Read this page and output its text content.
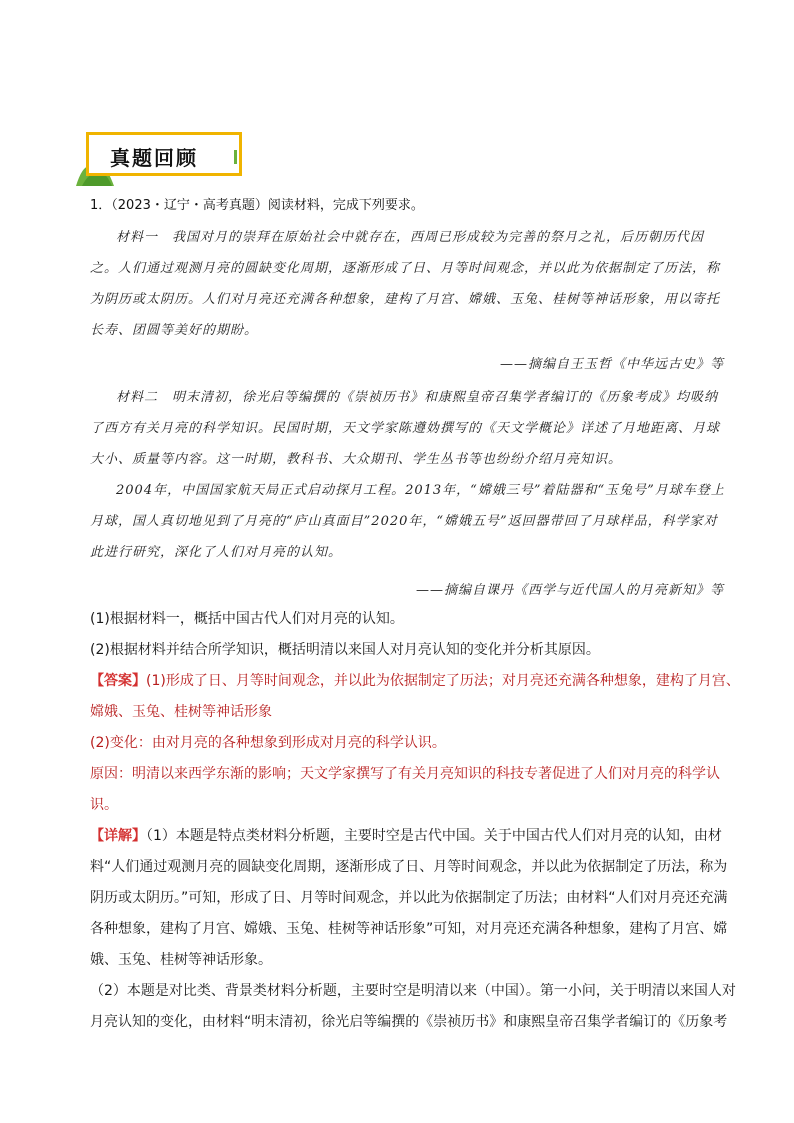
真题回顾
1．（2023・辽宁・高考真题）阅读材料，完成下列要求。

材料一　我国对月的崇拜在原始社会中就存在，西周已形成较为完善的祭月之礼，后历朝历代因之。人们通过观测月亮的圆缺变化周期，逐渐形成了日、月等时间观念，并以此为依据制定了历法，称为阴历或太阴历。人们对月亮还充满各种想象，建构了月宫、嫦娥、玉兔、桂树等神话形象，用以寄托长寿、团圆等美好的期盼。

——摘编自王玉哲《中华远古史》等

材料二　明末清初，徐光启等编撰的《崇祯历书》和康熙皇帝召集学者编订的《历象考成》均吸纳了西方有关月亮的科学知识。民国时期，天文学家陈遵妫撰写的《天文学概论》详述了月地距离、月球大小、质量等内容。这一时期，教科书、大众期刊、学生丛书等也纷纷介绍月亮知识。

2004年，中国国家航天局正式启动探月工程。2013年，“嫦娥三号”着陆器和“玉兔号”月球车登上月球，国人真切地见到了月亮的“庐山真面目”2020年，“嫦娥五号”返回器带回了月球样品，科学家对此进行研究，深化了人们对月亮的认知。

——摘编自课丹《西学与近代国人的月亮新知》等

(1)根据材料一，概括中国古代人们对月亮的认知。

(2)根据材料并结合所学知识，概括明清以来国人对月亮认知的变化并分析其原因。

【答案】(1)形成了日、月等时间观念，并以此为依据制定了历法；对月亮还充满各种想象，建构了月宫、嫦娥、玉兔、桂树等神话形象

(2)变化：由对月亮的各种想象到形成对月亮的科学认识。

原因：明清以来西学东渐的影响；天文学家撰写了有关月亮知识的科技专著促进了人们对月亮的科学认识。

【详解】（1）本题是特点类材料分析题，主要时空是古代中国。关于中国古代人们对月亮的认知，由材料“人们通过观测月亮的圆缺变化周期，逐渐形成了日、月等时间观念，并以此为依据制定了历法，称为阴历或太阴历。”可知，形成了日、月等时间观念，并以此为依据制定了历法；由材料“人们对月亮还充满各种想象，建构了月宫、嫦娥、玉兔、桂树等神话形象”可知，对月亮还充满各种想象，建构了月宫、嫦娥、玉兔、桂树等神话形象。

（2）本题是对比类、背景类材料分析题，主要时空是明清以来（中国）。第一小问，关于明清以来国人对月亮认知的变化，由材料“明末清初，徐光启等编撰的《崇祯历书》和康熙皇帝召集学者编订的《历象考
